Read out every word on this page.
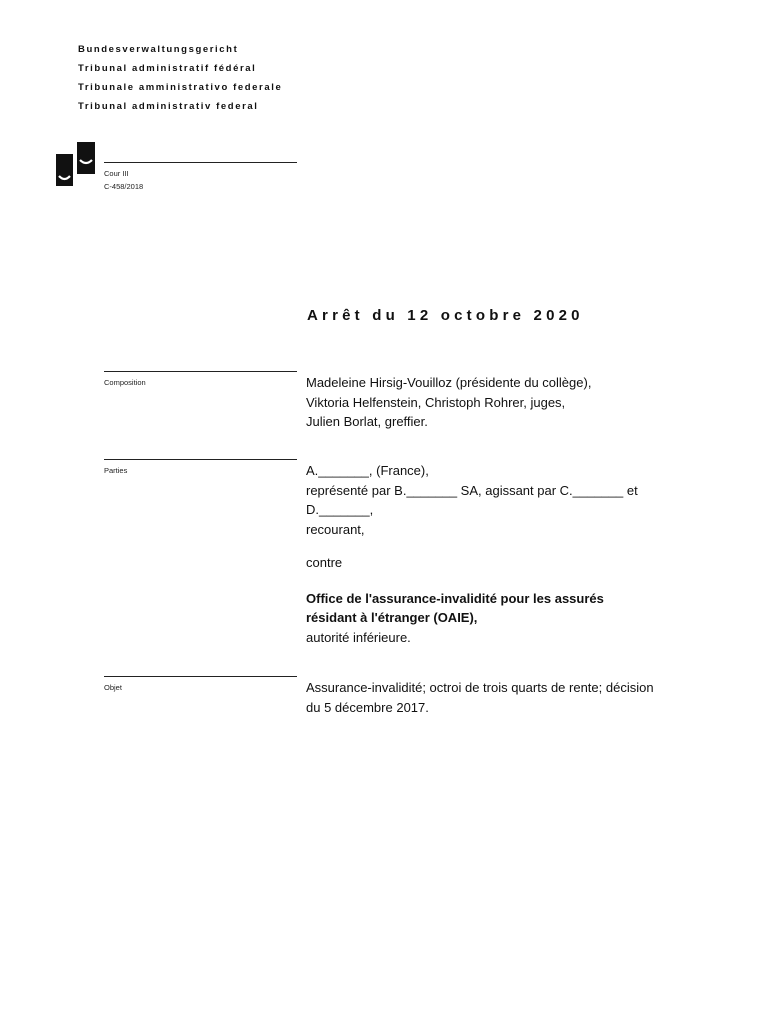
Bundesverwaltungsgericht
Tribunal administratif fédéral
Tribunale amministrativo federale
Tribunal administrativ federal
Cour III
C-458/2018
Arrêt du 12 octobre 2020
Composition	Madeleine Hirsig-Vouilloz (présidente du collège),
Viktoria Helfenstein, Christoph Rohrer, juges,
Julien Borlat, greffier.
Parties	A._______, (France),
représenté par B._______ SA, agissant par C._______ et
D._______,
recourant,
contre
Office de l'assurance-invalidité pour les assurés
résidant à l'étranger (OAIE),
autorité inférieure.
Objet	Assurance-invalidité; octroi de trois quarts de rente; décision
du 5 décembre 2017.
